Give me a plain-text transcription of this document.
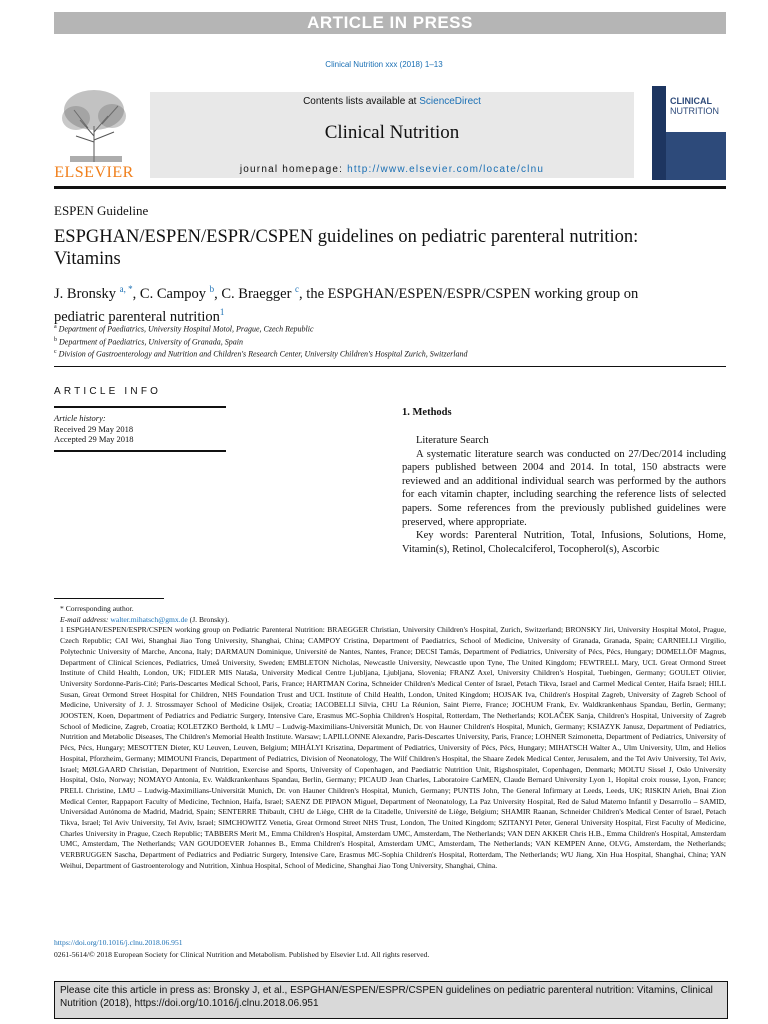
ARTICLE IN PRESS
Clinical Nutrition xxx (2018) 1–13
ELSEVIER
Contents lists available at ScienceDirect
Clinical Nutrition
journal homepage: http://www.elsevier.com/locate/clnu
CLINICAL
NUTRITION
ESPEN Guideline
ESPGHAN/ESPEN/ESPR/CSPEN guidelines on pediatric parenteral nutrition: Vitamins
J. Bronsky $^{a, *}$, C. Campoy $^b$, C. Braegger $^c$, the ESPGHAN/ESPEN/ESPR/CSPEN working group on pediatric parenteral nutrition$^1$
$^a$ Department of Paediatrics, University Hospital Motol, Prague, Czech Republic
$^b$ Department of Paediatrics, University of Granada, Spain
$^c$ Division of Gastroenterology and Nutrition and Children's Research Center, University Children's Hospital Zurich, Switzerland
ARTICLE INFO
Article history:
Received 29 May 2018
Accepted 29 May 2018
1. Methods

Literature Search

A systematic literature search was conducted on 27/Dec/2014 including papers published between 2004 and 2014. In total, 150 abstracts were reviewed and an additional individual search was performed by the authors for each vitamin chapter, including searching the reference lists of selected papers. Some references from the previously published guidelines were preserved, where appropriate.

Key words: Parenteral Nutrition, Total, Infusions, Solutions, Home, Vitamin(s), Retinol, Cholecalciferol, Tocopherol(s), Ascorbic

* Corresponding author.

E-mail address: walter.mihatsch@gmx.de (J. Bronsky).

1 ESPGHAN/ESPEN/ESPR/CSPEN working group on Pediatric Parenteral Nutrition: BRAEGGER Christian, University Children's Hospital, Zurich, Switzerland; BRONSKY Jiri, University Hospital Motol, Prague, Czech Republic; CAI Wei, Shanghai Jiao Tong University, Shanghai, China; CAMPOY Cristina, Department of Paediatrics, School of Medicine, University of Granada, Granada, Spain; CARNIELLI Virgilio, Polytechnic University of Marche, Ancona, Italy; DARMAUN Dominique, Université de Nantes, Nantes, France; DECSI Tamás, Department of Pediatrics, University of Pécs, Pécs, Hungary; DOMELLÖF Magnus, Department of Clinical Sciences, Pediatrics, Umeå University, Sweden; EMBLETON Nicholas, Newcastle University, Newcastle upon Tyne, The United Kingdom; FEWTRELL Mary, UCL Great Ormond Street Institute of Child Health, London, UK; FIDLER MIS Nataša, University Medical Centre Ljubljana, Ljubljana, Slovenia; FRANZ Axel, University Children's Hospital, Tuebingen, Germany; GOULET Olivier, University Sordonne-Paris-Cité; Paris-Descartes Medical School, Paris, France; HARTMAN Corina, Schneider Children's Medical Center of Israel, Petach Tikva, Israel and Carmel Medical Center, Haifa Israel; HILL Susan, Great Ormond Street Hospital for Children, NHS Foundation Trust and UCL Institute of Child Health, London, United Kingdom; HOJSAK Iva, Children's Hospital Zagreb, University of Zagreb School of Medicine, University of J. J. Strossmayer School of Medicine Osijek, Croatia; IACOBELLI Silvia, CHU La Réunion, Saint Pierre, France; JOCHUM Frank, Ev. Waldkrankenhaus Spandau, Berlin, Germany; JOOSTEN, Koen, Department of Pediatrics and Pediatric Surgery, Intensive Care, Erasmus MC-Sophia Children's Hospital, Rotterdam, The Netherlands; KOLAČEK Sanja, Children's Hospital, University of Zagreb School of Medicine, Zagreb, Croatia; KOLETZKO Berthold, k LMU – Ludwig-Maximilians-Universität Munich, Dr. von Hauner Children's Hospital, Munich, Germany; KSIAZYK Janusz, Department of Pediatrics, Nutrition and Metabolic Diseases, The Children's Memorial Health Institute. Warsaw; LAPILLONNE Alexandre, Paris-Descartes University, Paris, France; LOHNER Szimonetta, Department of Pediatrics, University of Pécs, Pécs, Hungary; MESOTTEN Dieter, KU Leuven, Leuven, Belgium; MIHÁLYI Krisztina, Department of Pediatrics, University of Pécs, Pécs, Hungary; MIHATSCH Walter A., Ulm University, Ulm, and Helios Hospital, Pforzheim, Germany; MIMOUNI Francis, Department of Pediatrics, Division of Neonatology, The Wilf Children's Hospital, the Shaare Zedek Medical Center, Jerusalem, and the Tel Aviv University, Tel Aviv, Israel; MØLGAARD Christian, Department of Nutrition, Exercise and Sports, University of Copenhagen, and Paediatric Nutrition Unit, Rigshospitalet, Copenhagen, Denmark; MOLTU Sissel J, Oslo University Hospital, Oslo, Norway; NOMAYO Antonia, Ev. Waldkrankenhaus Spandau, Berlin, Germany; PICAUD Jean Charles, Laboratoire CarMEN, Claude Bernard University Lyon 1, Hopital croix rousse, Lyon, France; PRELL Christine, LMU – Ludwig-Maximilians-Universität Munich, Dr. von Hauner Children's Hospital, Munich, Germany; PUNTIS John, The General Infirmary at Leeds, Leeds, UK; RISKIN Arieh, Bnai Zion Medical Center, Rappaport Faculty of Medicine, Technion, Haifa, Israel; SAENZ DE PIPAON Miguel, Department of Neonatology, La Paz University Hospital, Red de Salud Materno Infantil y Desarrollo – SAMID, Universidad Autónoma de Madrid, Madrid, Spain; SENTERRE Thibault, CHU de Liège, CHR de la Citadelle, Université de Liège, Belgium; SHAMIR Raanan, Schneider Children's Medical Center of Israel, Petach Tikva, Israel; Tel Aviv University, Tel Aviv, Israel; SIMCHOWITZ Venetia, Great Ormond Street NHS Trust, London, The United Kingdom; SZITANYI Peter, General University Hospital, First Faculty of Medicine, Charles University in Prague, Czech Republic; TABBERS Merit M., Emma Children's Hospital, Amsterdam UMC, Amsterdam, The Netherlands; VAN DEN AKKER Chris H.B., Emma Children's Hospital, Amsterdam UMC, Amsterdam, The Netherlands; VAN GOUDOEVER Johannes B., Emma Children's Hospital, Amsterdam UMC, Amsterdam, The Netherlands; VAN KEMPEN Anne, OLVG, Amsterdam, the Netherlands; VERBRUGGEN Sascha, Department of Pediatrics and Pediatric Surgery, Intensive Care, Erasmus MC-Sophia Children's Hospital, Rotterdam, The Netherlands; WU Jiang, Xin Hua Hospital, Shanghai, China; YAN Weihui, Department of Gastroenterology and Nutrition, Xinhua Hospital, School of Medicine, Shanghai Jiao Tong University, Shanghai, China.

https://doi.org/10.1016/j.clnu.2018.06.951
0261-5614/© 2018 European Society for Clinical Nutrition and Metabolism. Published by Elsevier Ltd. All rights reserved.
Please cite this article in press as: Bronsky J, et al., ESPGHAN/ESPEN/ESPR/CSPEN guidelines on pediatric parenteral nutrition: Vitamins, Clinical Nutrition (2018), https://doi.org/10.1016/j.clnu.2018.06.951
